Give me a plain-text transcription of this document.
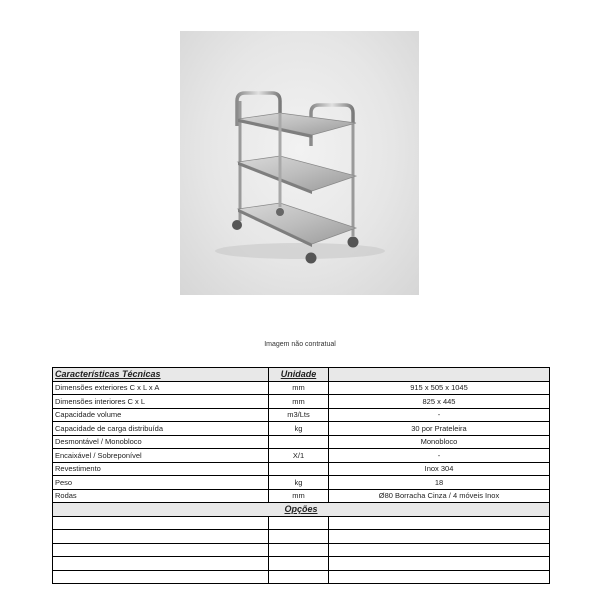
Imagem não contratual
Características Técnicas	Unidade	
Dimensões exteriores C x L x A	mm	915 x 505 x 1045
Dimensões interiores C x L	mm	825 x 445
Capacidade volume	m3/Lts	-
Capacidade de carga distribuída	kg	30 por Prateleira
Desmontável / Monobloco		Monobloco
Encaixável / Sobreponível	X/1	-
Revestimento		Inox 304
Peso	kg	18
Rodas	mm	Ø80 Borracha Cinza / 4 móveis Inox
Opções		
